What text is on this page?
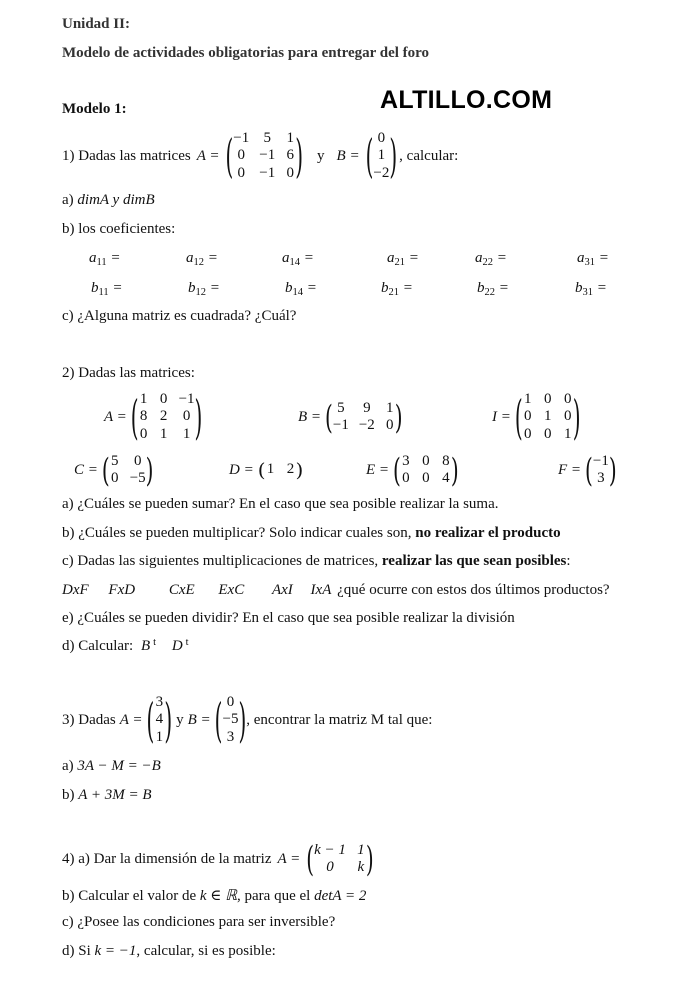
Unidad II:
Modelo de actividades obligatorias para entregar del foro
Modelo 1:	ALTILLO.COM
1) Dadas las matrices A = ( −1 5 1
0 −1 6
0 −1 0 ) y B = ( 0
1
−2 ) , calcular:
a) dimA y dimB
b) los coeficientes:
a11 =	a12 =	a14 =	a21 =	a22 =	a31 =
b11 =	b12 =	b14 =	b21 =	b22 =	b31 =
c) ¿Alguna matriz es cuadrada? ¿Cuál?
2) Dadas las matrices:
A = ( 1 0 −1
8 2 0
0 1 1 )	B = ( 5 9 1
−1 −2 0 )	I = ( 1 0 0
0 1 0
0 0 1 )
C = ( 5 0
0 −5 )	D = ( 1 2 )	E = ( 3 0 8
0 0 4 )	F = ( −1
3 )
a) ¿Cuáles se pueden sumar? En el caso que sea posible realizar la suma.
b) ¿Cuáles se pueden multiplicar? Solo indicar cuales son, no realizar el producto
c) Dadas las siguientes multiplicaciones de matrices, realizar las que sean posibles:
DxF FxD CxE ExC AxI IxA ¿qué ocurre con estos dos últimos productos?
e) ¿Cuáles se pueden dividir? En el caso que sea posible realizar la división
d) Calcular: B $^t$ D $^t$
3) Dadas A = ( 3
4
1 ) y B = ( 0
−5
3 ) , encontrar la matriz M tal que:
a) 3A − M = −B
b) A + 3M = B
4) a) Dar la dimensión de la matriz A = ( k − 1 1
0	k )
b) Calcular el valor de k ∈ ℝ, para que el detA = 2
c) ¿Posee las condiciones para ser inversible?
d) Si k = −1, calcular, si es posible:
